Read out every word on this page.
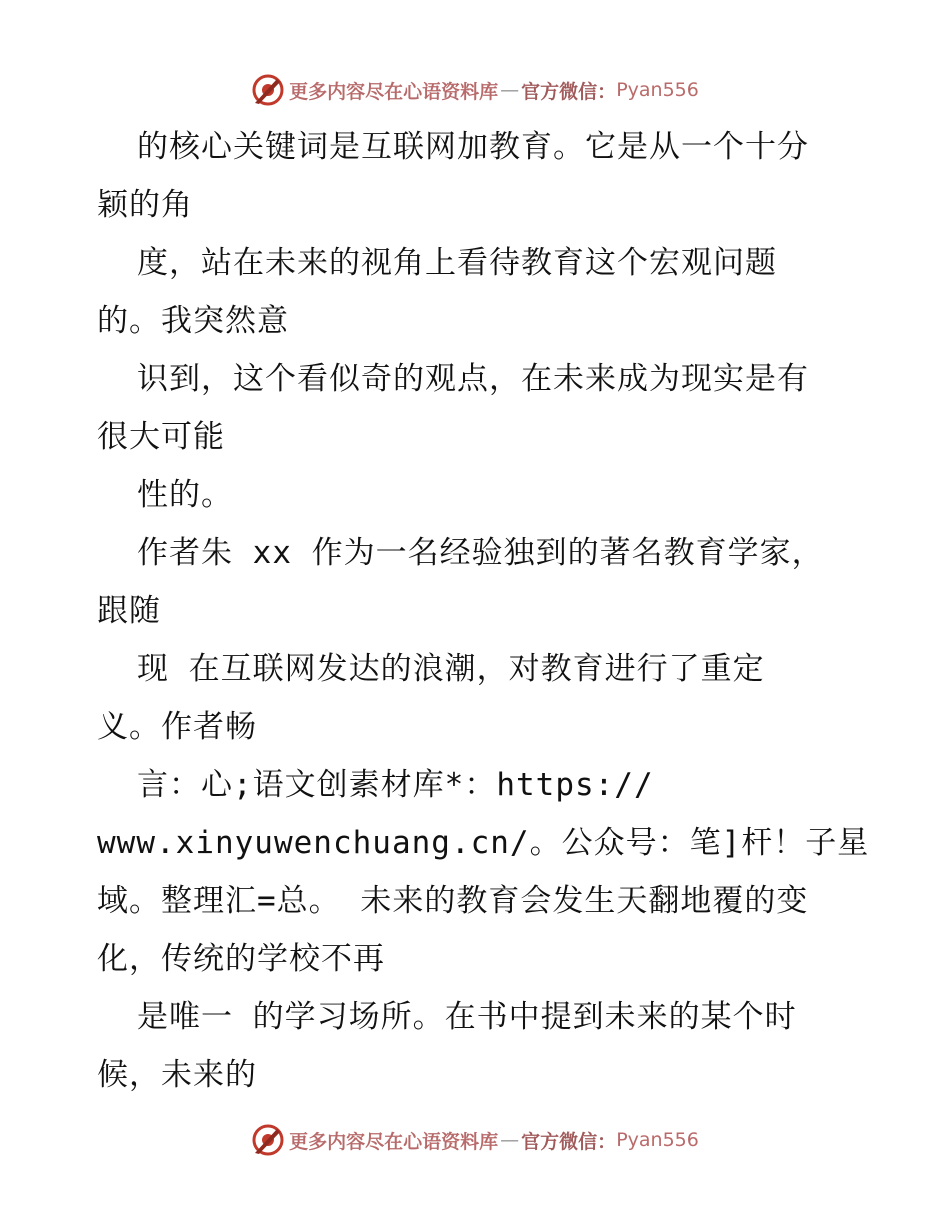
更多内容尽在心语资料库 — 官方微信： Pyan556
的核心关键词是互联网加教育。它是从一个十分
颖的角
度，站在未来的视角上看待教育这个宏观问题
的。我突然意
识到，这个看似奇的观点，在未来成为现实是有
很大可能
性的。
作者朱 xx 作为一名经验独到的著名教育学家，
跟随
现 在互联网发达的浪潮，对教育进行了重定
义。作者畅
言：心;语文创素材库*：https://
www.xinyuwenchuang.cn/。公众号：笔]杆！子星
域。整理汇=总。 未来的教育会发生天翻地覆的变
化，传统的学校不再
是唯一 的学习场所。在书中提到未来的某个时
候，未来的
更多内容尽在心语资料库 — 官方微信： Pyan556
